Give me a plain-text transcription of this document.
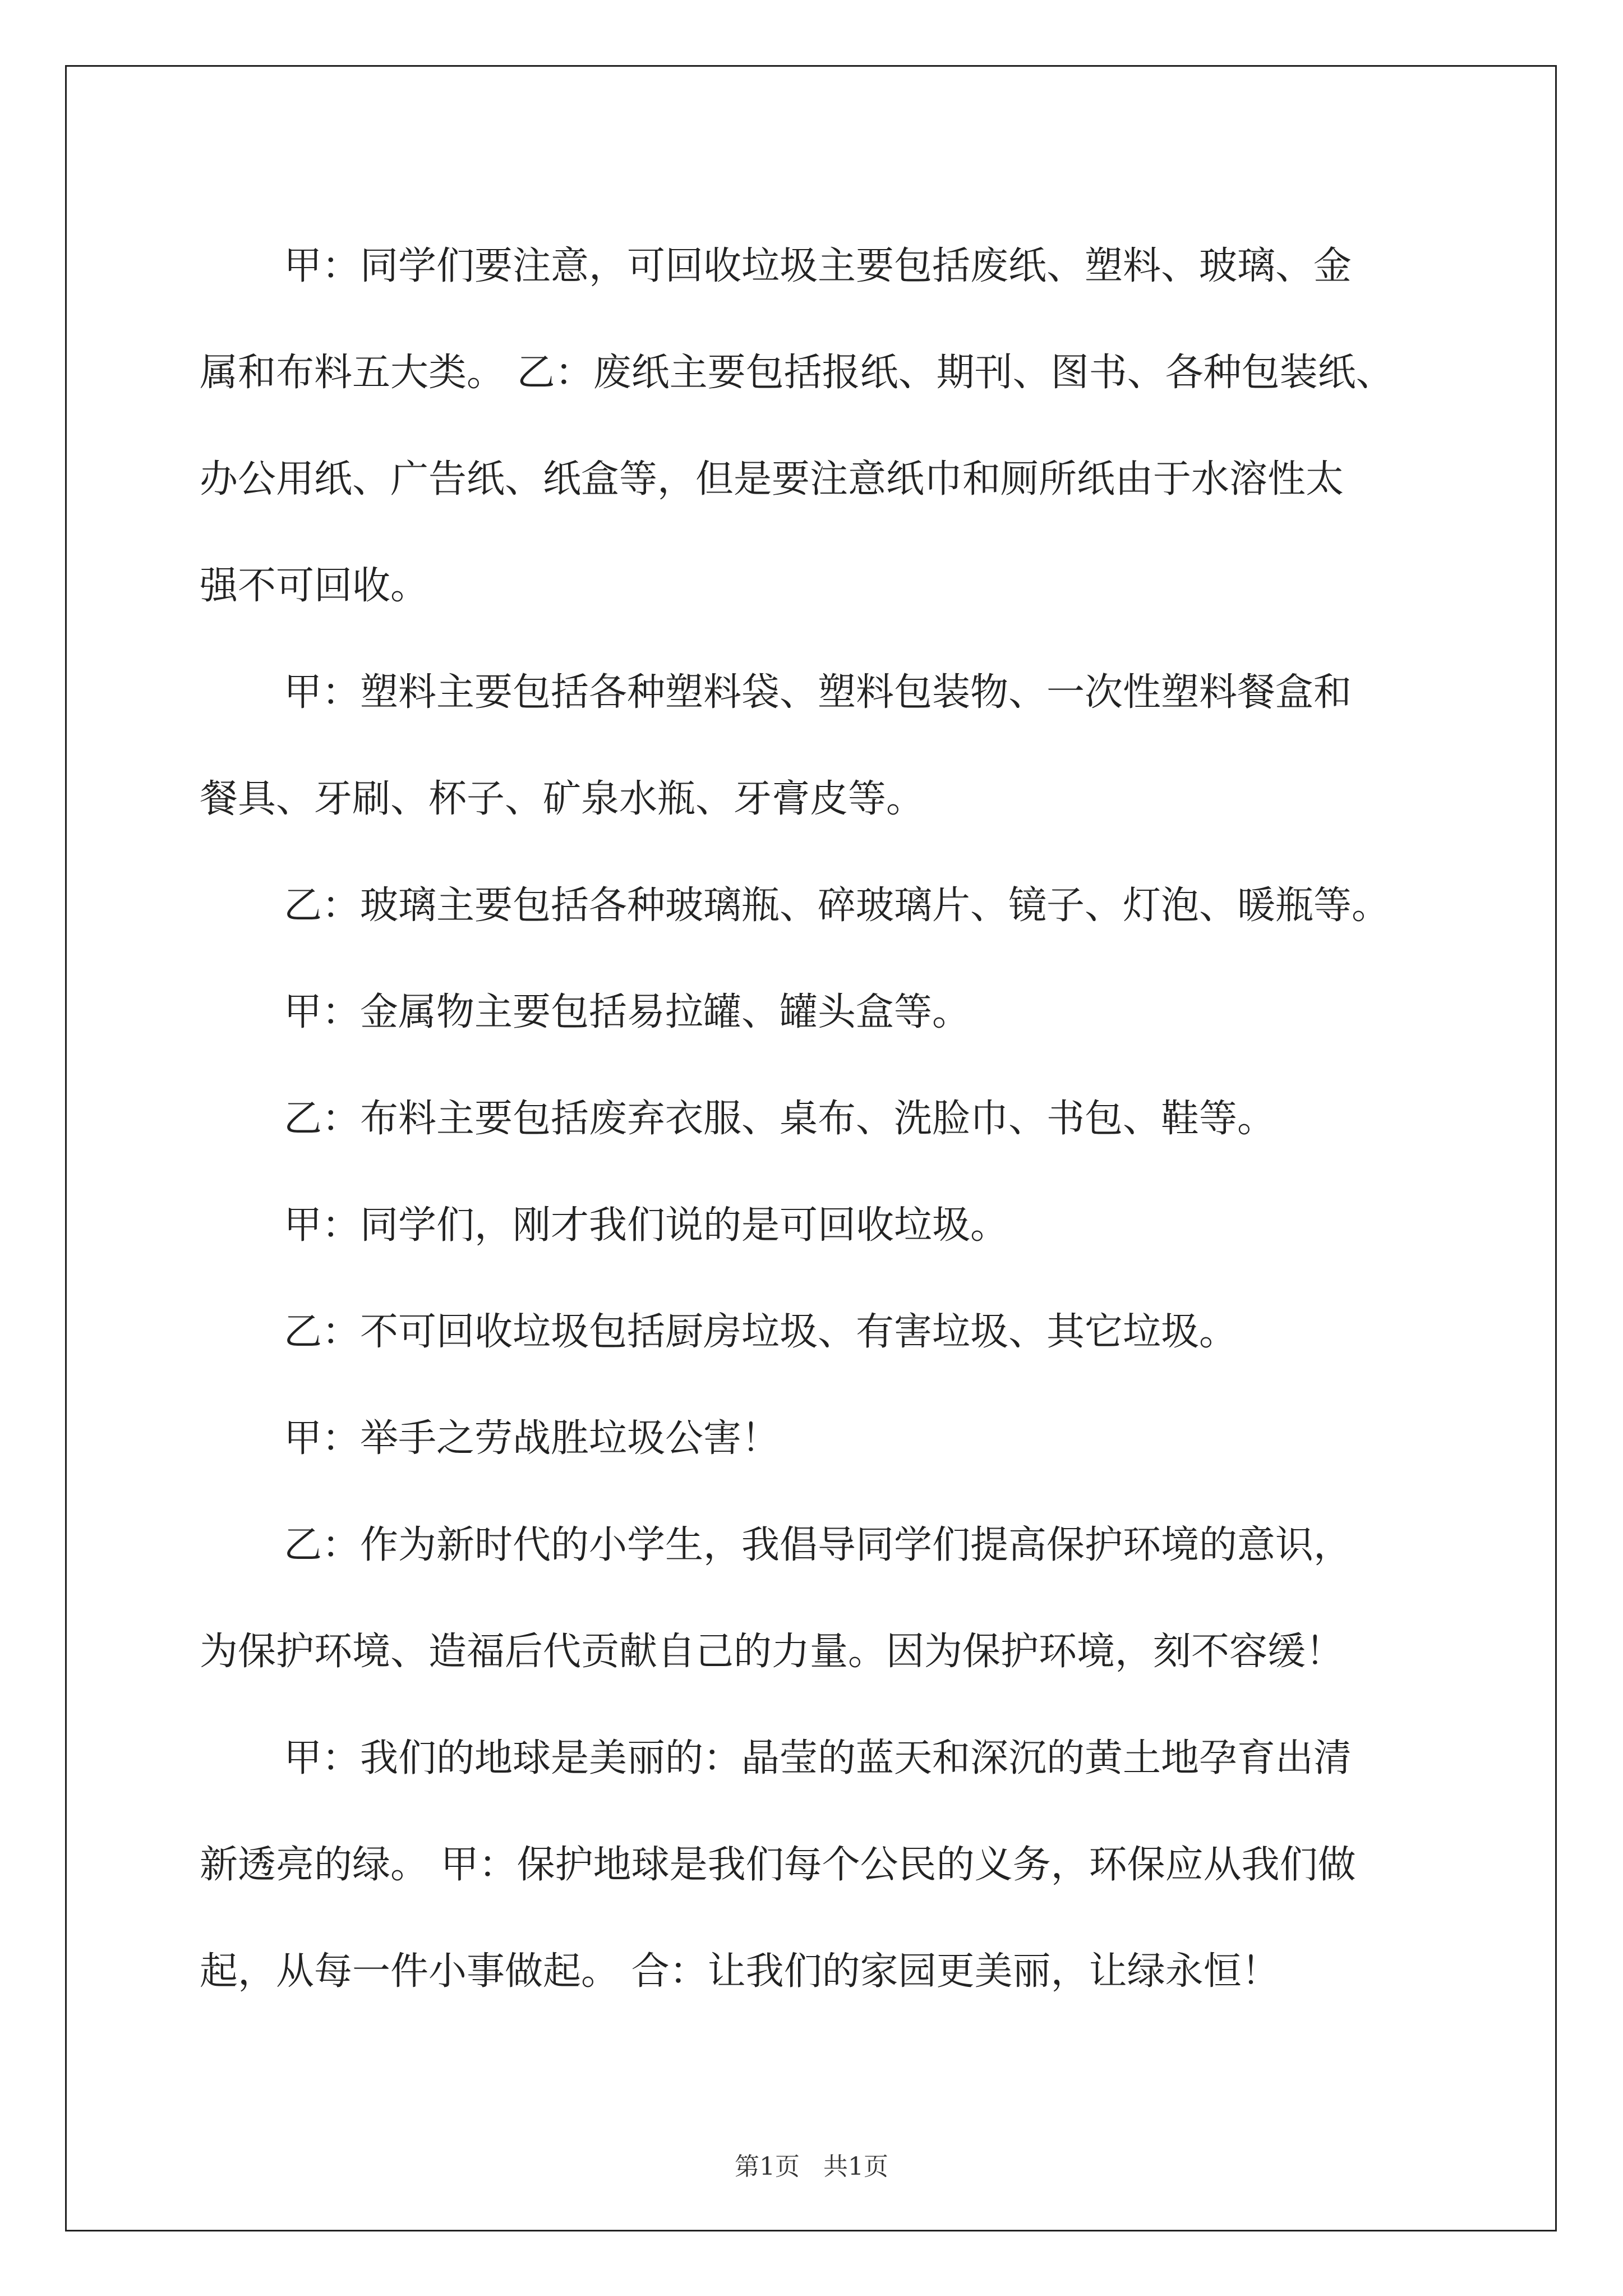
甲：同学们要注意，可回收垃圾主要包括废纸、塑料、玻璃、金
属和布料五大类。 乙：废纸主要包括报纸、期刊、图书、各种包装纸、
办公用纸、广告纸、纸盒等，但是要注意纸巾和厕所纸由于水溶性太
强不可回收。
甲：塑料主要包括各种塑料袋、塑料包装物、一次性塑料餐盒和
餐具、牙刷、杯子、矿泉水瓶、牙膏皮等。
乙：玻璃主要包括各种玻璃瓶、碎玻璃片、镜子、灯泡、暖瓶等。
甲：金属物主要包括易拉罐、罐头盒等。
乙：布料主要包括废弃衣服、桌布、洗脸巾、书包、鞋等。
甲：同学们，刚才我们说的是可回收垃圾。
乙：不可回收垃圾包括厨房垃圾、有害垃圾、其它垃圾。
甲：举手之劳战胜垃圾公害！
乙：作为新时代的小学生，我倡导同学们提高保护环境的意识，
为保护环境、造福后代贡献自己的力量。因为保护环境，刻不容缓！
甲：我们的地球是美丽的：晶莹的蓝天和深沉的黄土地孕育出清
新透亮的绿。 甲：保护地球是我们每个公民的义务，环保应从我们做
起，从每一件小事做起。 合：让我们的家园更美丽，让绿永恒！
第1页 共1页
